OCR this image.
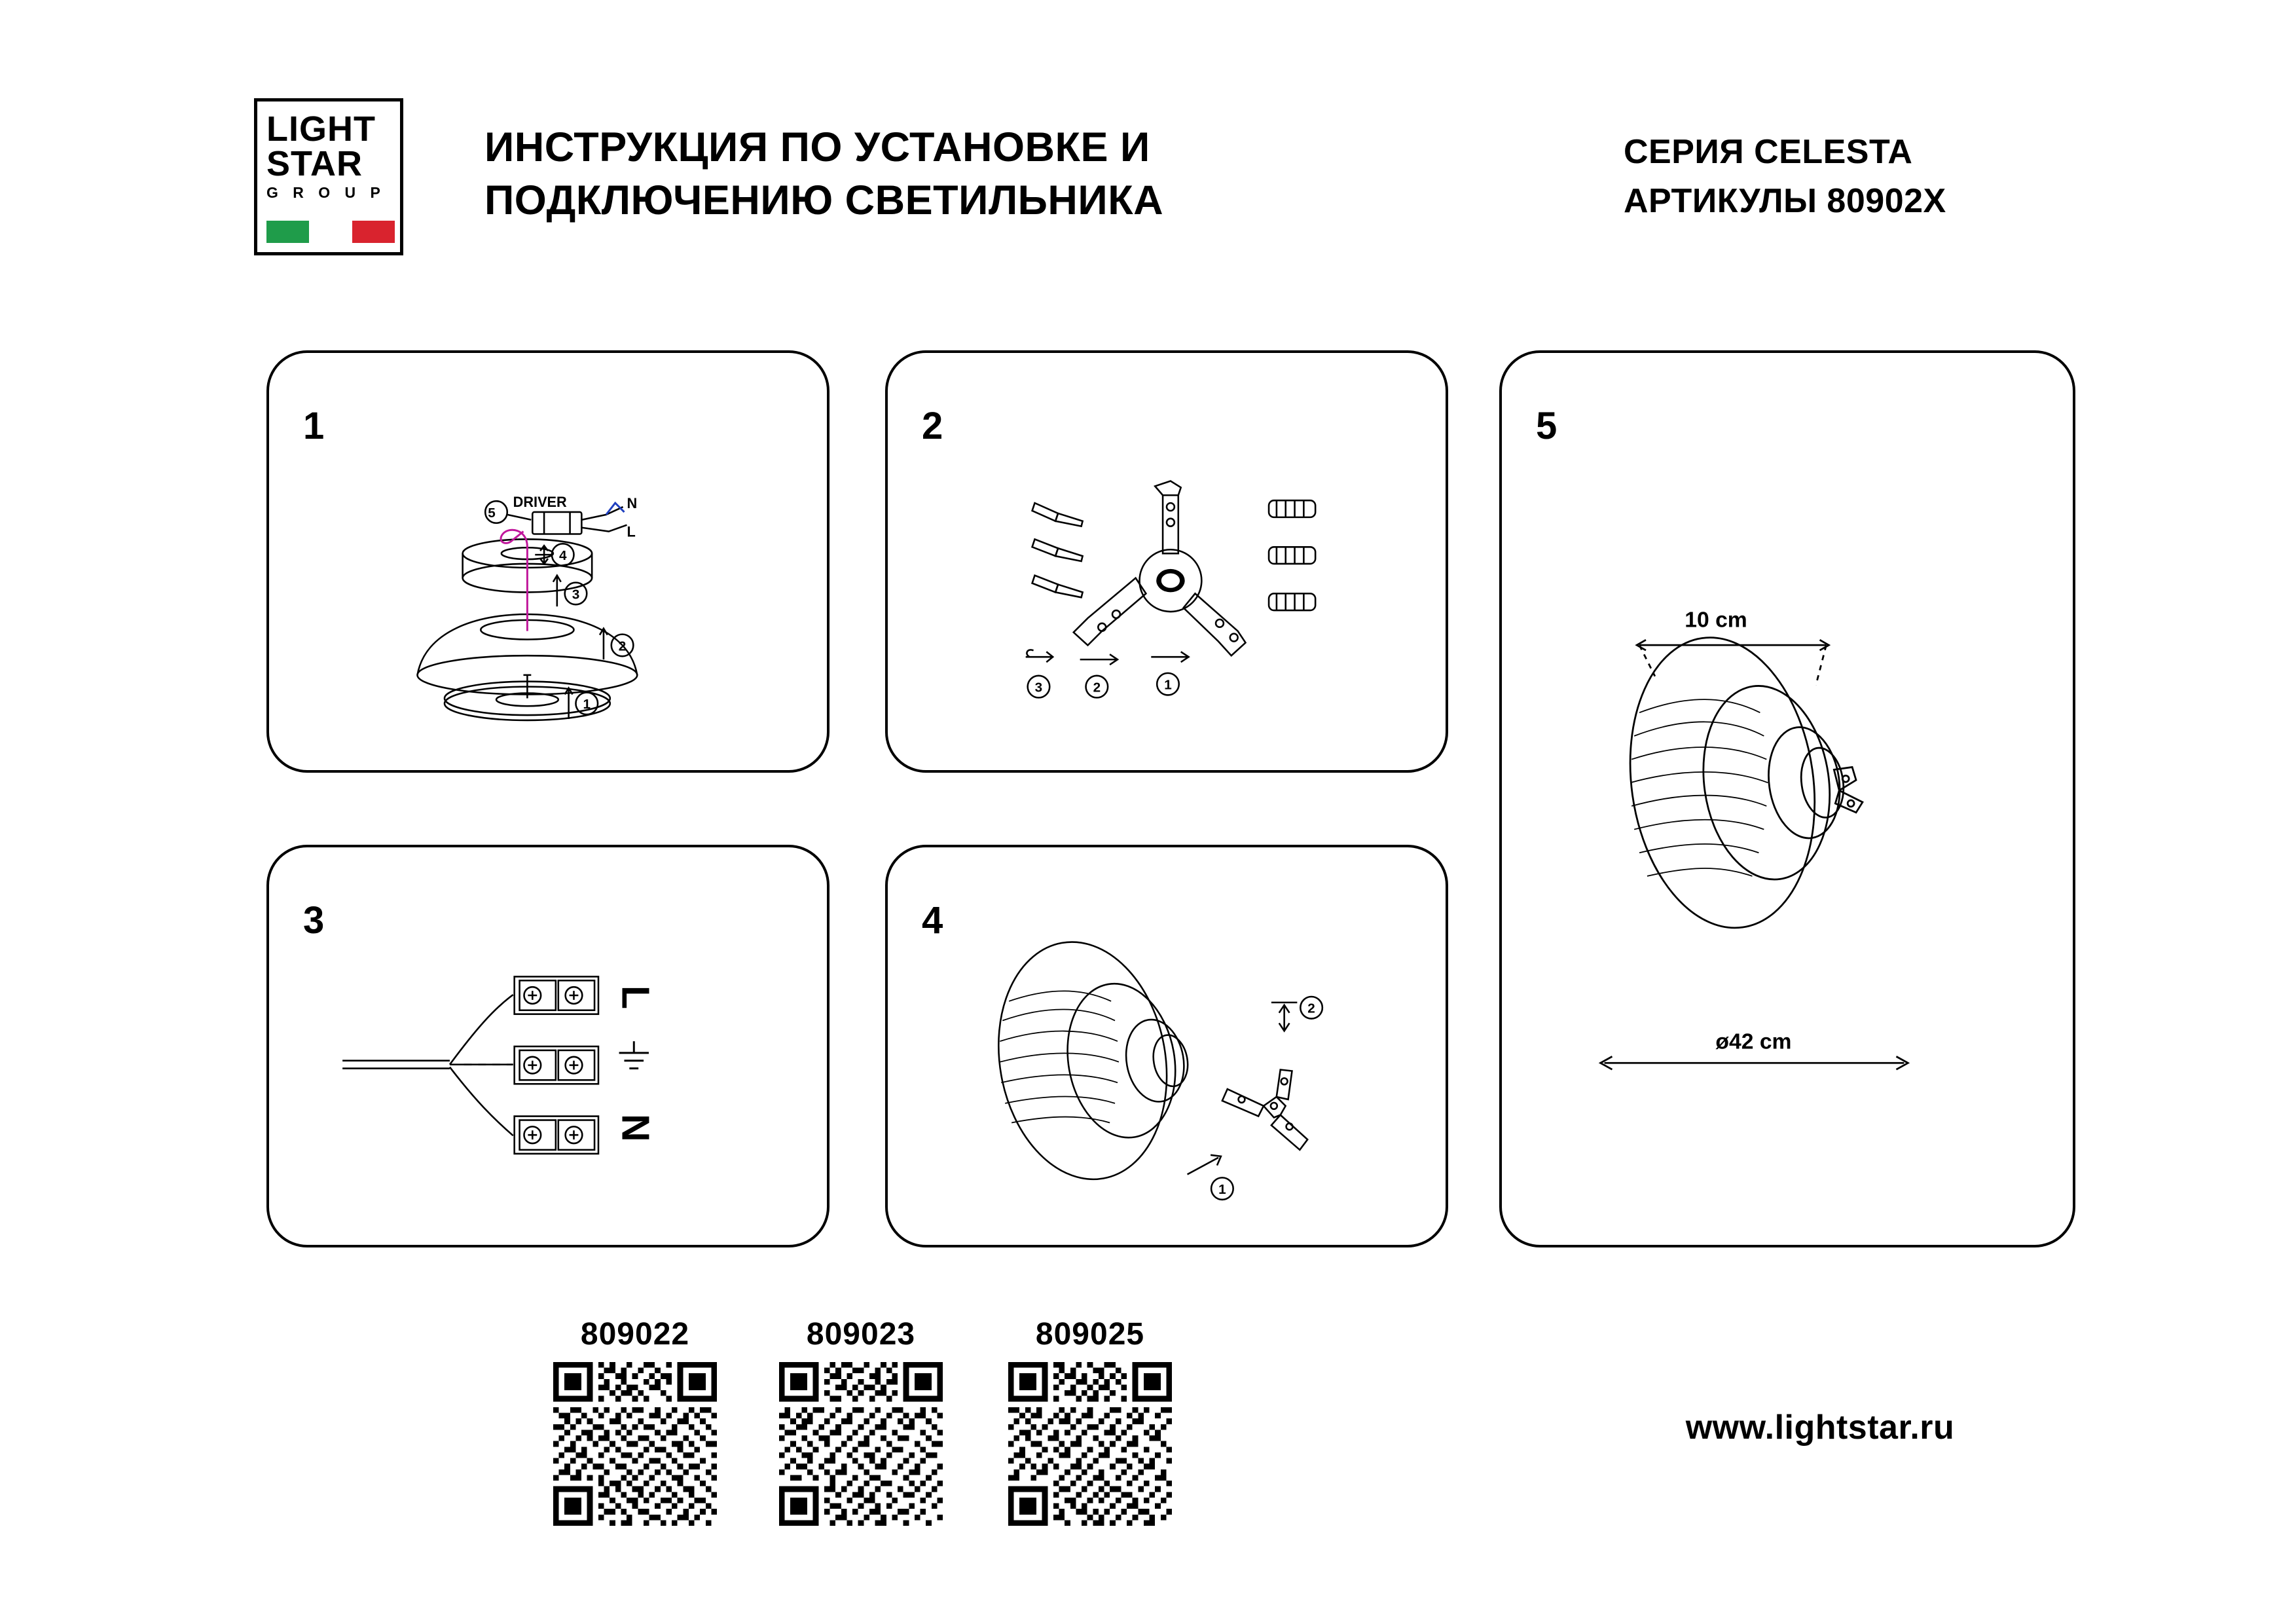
LIGHT
STAR
G R O U P
ИНСТРУКЦИЯ ПО УСТАНОВКЕ И ПОДКЛЮЧЕНИЮ СВЕТИЛЬНИКА
СЕРИЯ CELESTA
АРТИКУЛЫ 80902X
1
5
4
3
2
1
DRIVER	N
L
2
3	2	1
3
L
N
4
2
1
5
10 cm
ø42 cm
809022	809023	809025
www.lightstar.ru
